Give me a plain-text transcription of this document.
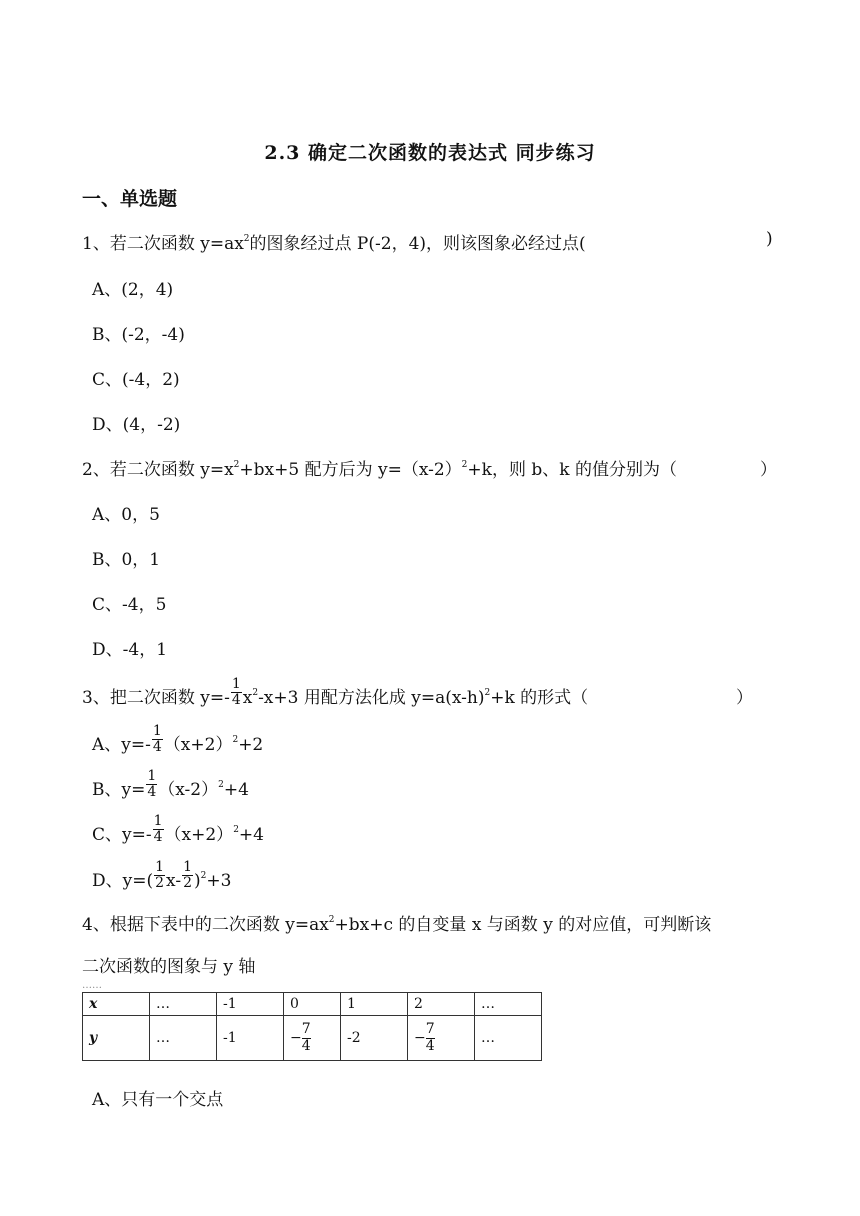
2.3 确定二次函数的表达式 同步练习
一、单选题
1、若二次函数 $y=ax^2$的图象经过点 P(-2，4)，则该图象必经过点(	)
A、(2，4)
B、(-2，-4)
C、(-4，2)
D、(4，-2)
2、若二次函数 $y=x^2+bx+5$ 配方后为 $y=(x-2)^2+k$，则 b、k 的值分别为（	）
A、0，5
B、0，1
C、-4，5
D、-4，1
3、把二次函数 $y=- \frac{1}{4} x^2-x+3$ 用配方法化成 $y=a(x-h)^2+k$ 的形式（	）
A、$y=- \frac{1}{4} (x+2)^2+2$
B、$y= \frac{1}{4} (x-2)^2+4$
C、$y=- \frac{1}{4} (x+2)^2+4$
D、$y=( \frac{1}{2} x- \frac{1}{2} )^2+3$
4、根据下表中的二次函数 $y=ax^2+bx+c$ 的自变量 x 与函数 y 的对应值，可判断该
二次函数的图象与 y 轴
……
x	…	-1	0	1	2	…
y	…	-1	− $\frac{7}{4}$	-2	− $\frac{7}{4}$	…
A、只有一个交点
